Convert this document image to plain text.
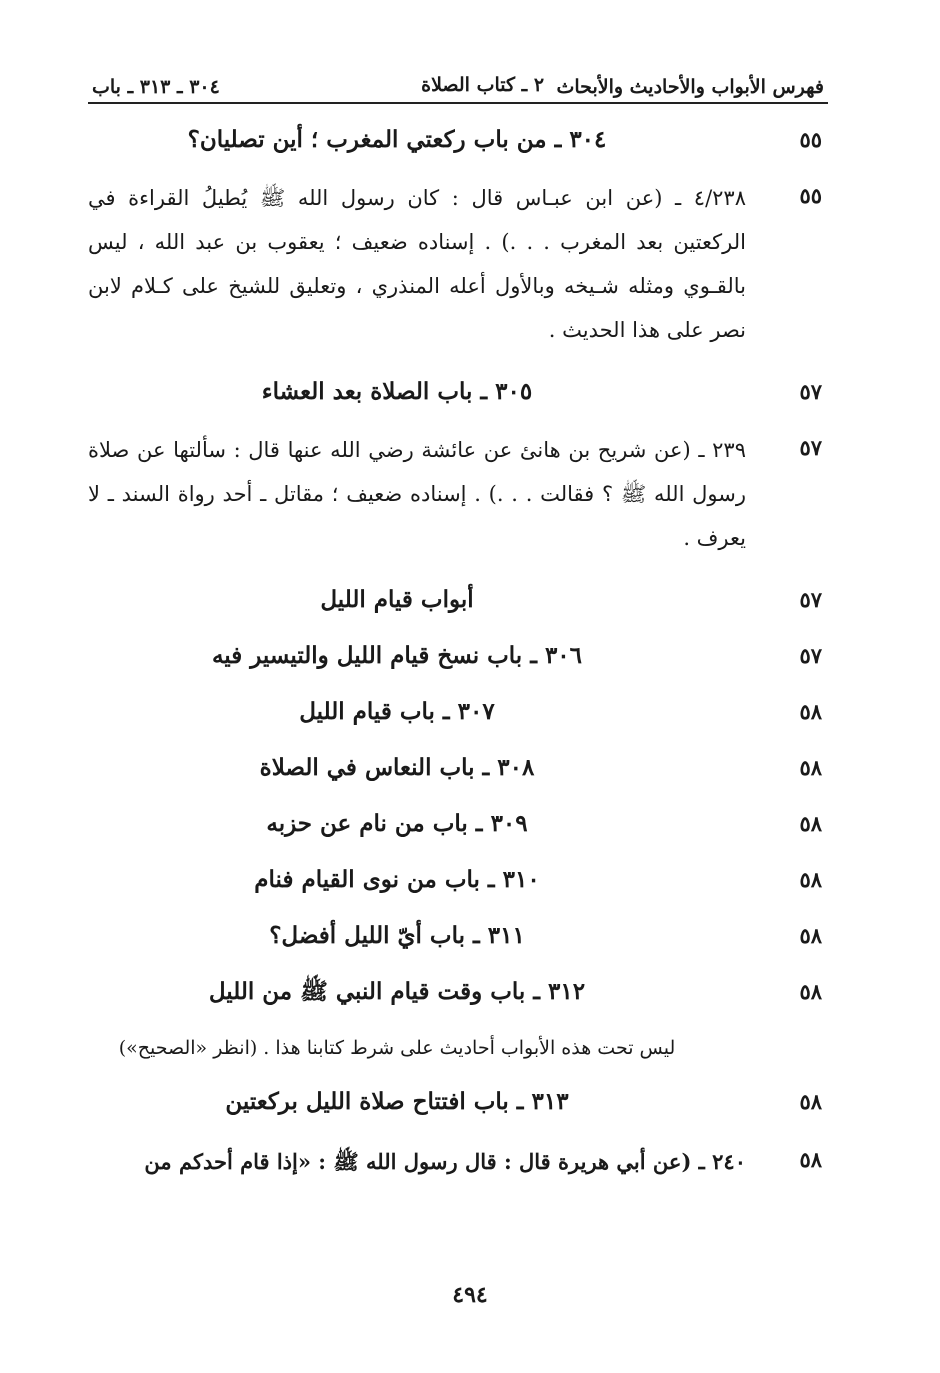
فهرس الأبواب والأحاديث والأبحاث
٢ ـ كتاب الصلاة
٣٠٤ ـ ٣١٣ ـ باب
٥٥
٣٠٤ ـ من باب ركعتي المغرب ؛ أين تصليان؟
٥٥
٤/٢٣٨ ـ (عن ابن عبـاس قال : كان رسول الله ﷺ يُطيلُ القراءة في الركعتين بعد المغرب . . .) . إسناده ضعيف ؛ يعقوب بن عبد الله ، ليس بالقـوي ومثله شـيخه وبالأول أعله المنذري ، وتعليق للشيخ على كـلام لابن نصر على هذا الحديث .
٥٧
٣٠٥ ـ باب الصلاة بعد العشاء
٥٧
٢٣٩ ـ (عن شريح بن هانئ عن عائشة رضي الله عنها قال : سألتها عن صلاة رسول الله ﷺ ؟ فقالت . . .) . إسناده ضعيف ؛ مقاتل ـ أحد رواة السند ـ لا يعرف .
٥٧
أبواب قيام الليل
٥٧
٣٠٦ ـ باب نسخ قيام الليل والتيسير فيه
٥٨
٣٠٧ ـ باب قيام الليل
٥٨
٣٠٨ ـ باب النعاس في الصلاة
٥٨
٣٠٩ ـ باب من نام عن حزبه
٥٨
٣١٠ ـ باب من نوى القيام فنام
٥٨
٣١١ ـ باب أيّ الليل أفضل؟
٥٨
٣١٢ ـ باب وقت قيام النبي ﷺ من الليل
ليس تحت هذه الأبواب أحاديث على شرط كتابنا هذا . (انظر «الصحيح»)
٥٨
٣١٣ ـ باب افتتاح صلاة الليل بركعتين
٥٨
٢٤٠ ـ (عن أبي هريرة قال : قال رسول الله ﷺ : «إذا قام أحدكم من
٤٩٤
